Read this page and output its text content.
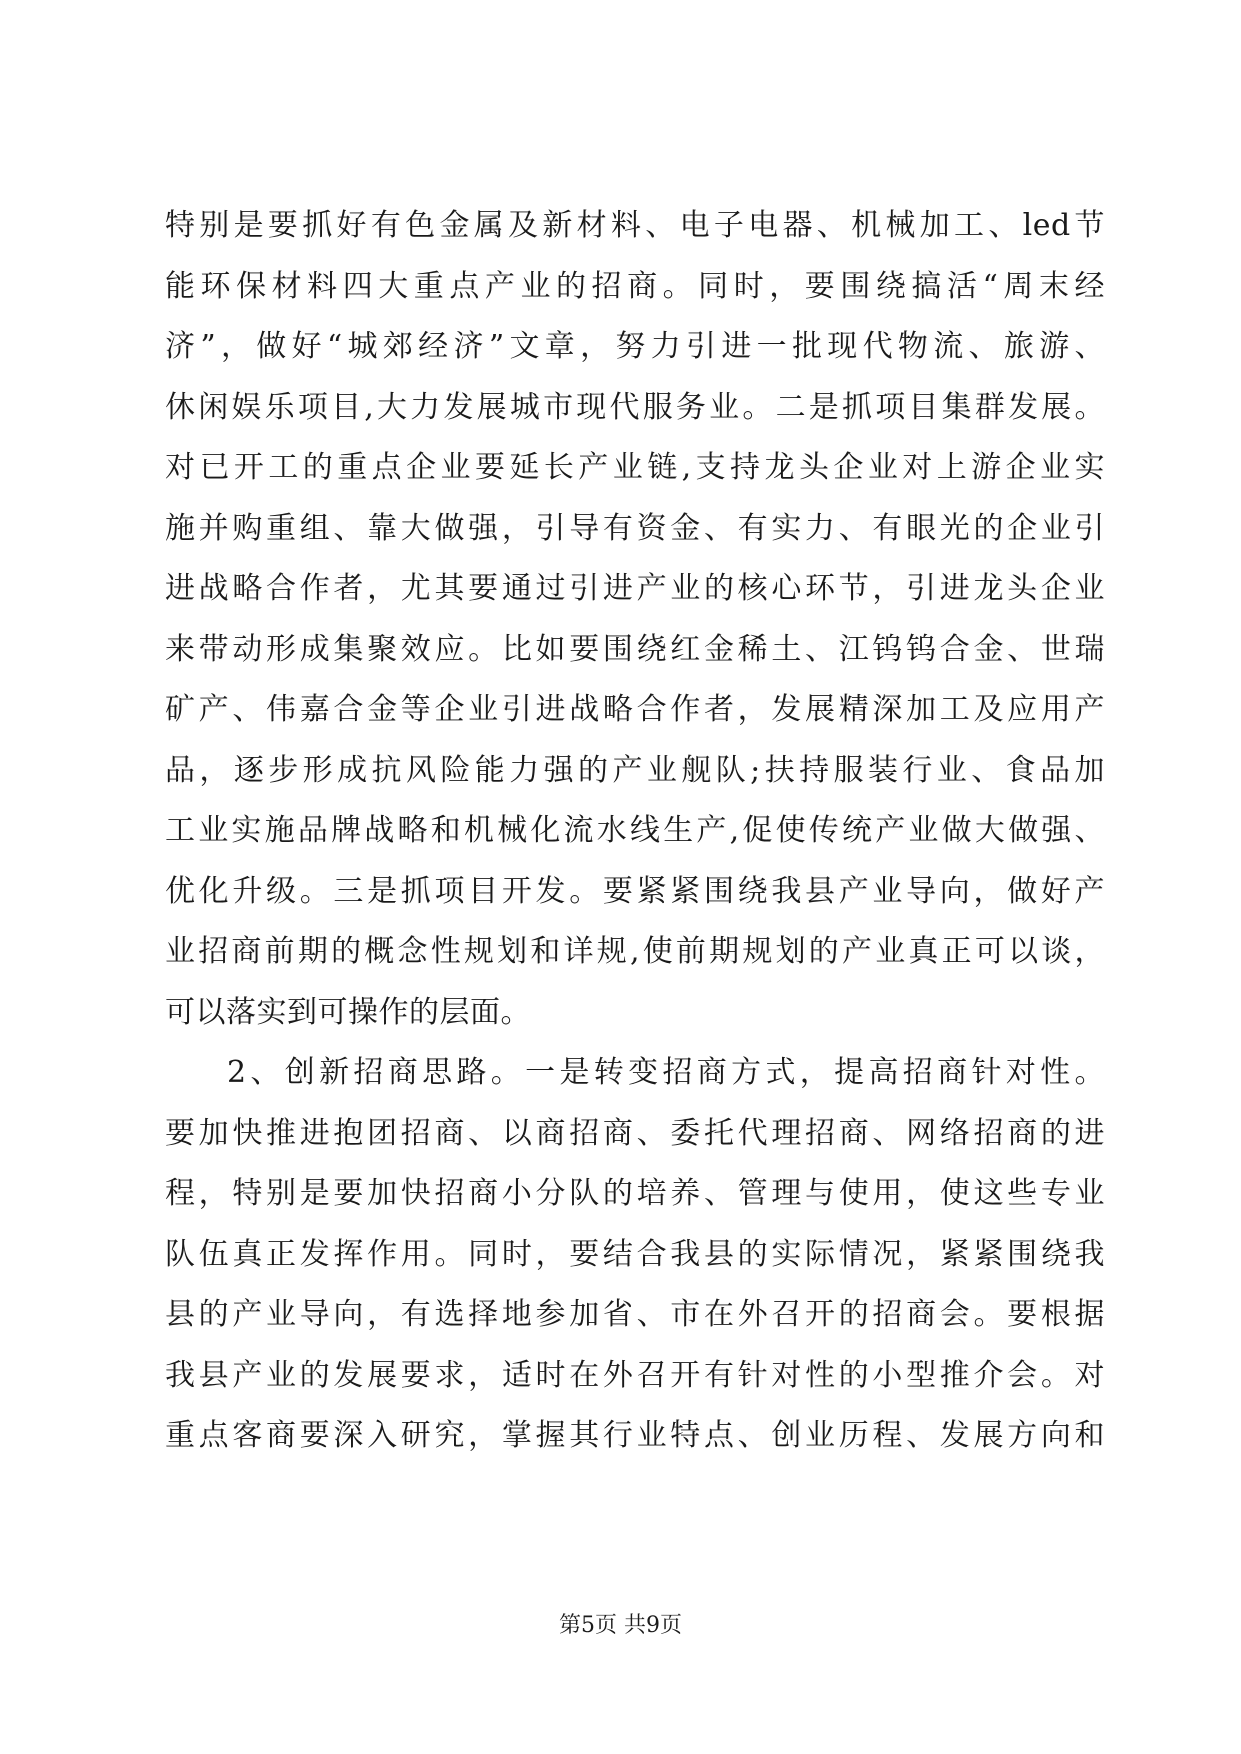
特别是要抓好有色金属及新材料、电子电器、机械加工、led节
能环保材料四大重点产业的招商。同时，要围绕搞活“周末经
济”，做好“城郊经济”文章，努力引进一批现代物流、旅游、
休闲娱乐项目,大力发展城市现代服务业。二是抓项目集群发展。
对已开工的重点企业要延长产业链,支持龙头企业对上游企业实
施并购重组、靠大做强，引导有资金、有实力、有眼光的企业引
进战略合作者，尤其要通过引进产业的核心环节，引进龙头企业
来带动形成集聚效应。比如要围绕红金稀土、江钨钨合金、世瑞
矿产、伟嘉合金等企业引进战略合作者，发展精深加工及应用产
品，逐步形成抗风险能力强的产业舰队;扶持服装行业、食品加
工业实施品牌战略和机械化流水线生产,促使传统产业做大做强、
优化升级。三是抓项目开发。要紧紧围绕我县产业导向，做好产
业招商前期的概念性规划和详规,使前期规划的产业真正可以谈，
可以落实到可操作的层面。
2、创新招商思路。一是转变招商方式，提高招商针对性。
要加快推进抱团招商、以商招商、委托代理招商、网络招商的进
程，特别是要加快招商小分队的培养、管理与使用，使这些专业
队伍真正发挥作用。同时，要结合我县的实际情况，紧紧围绕我
县的产业导向，有选择地参加省、市在外召开的招商会。要根据
我县产业的发展要求，适时在外召开有针对性的小型推介会。对
重点客商要深入研究，掌握其行业特点、创业历程、发展方向和
第5页 共9页
